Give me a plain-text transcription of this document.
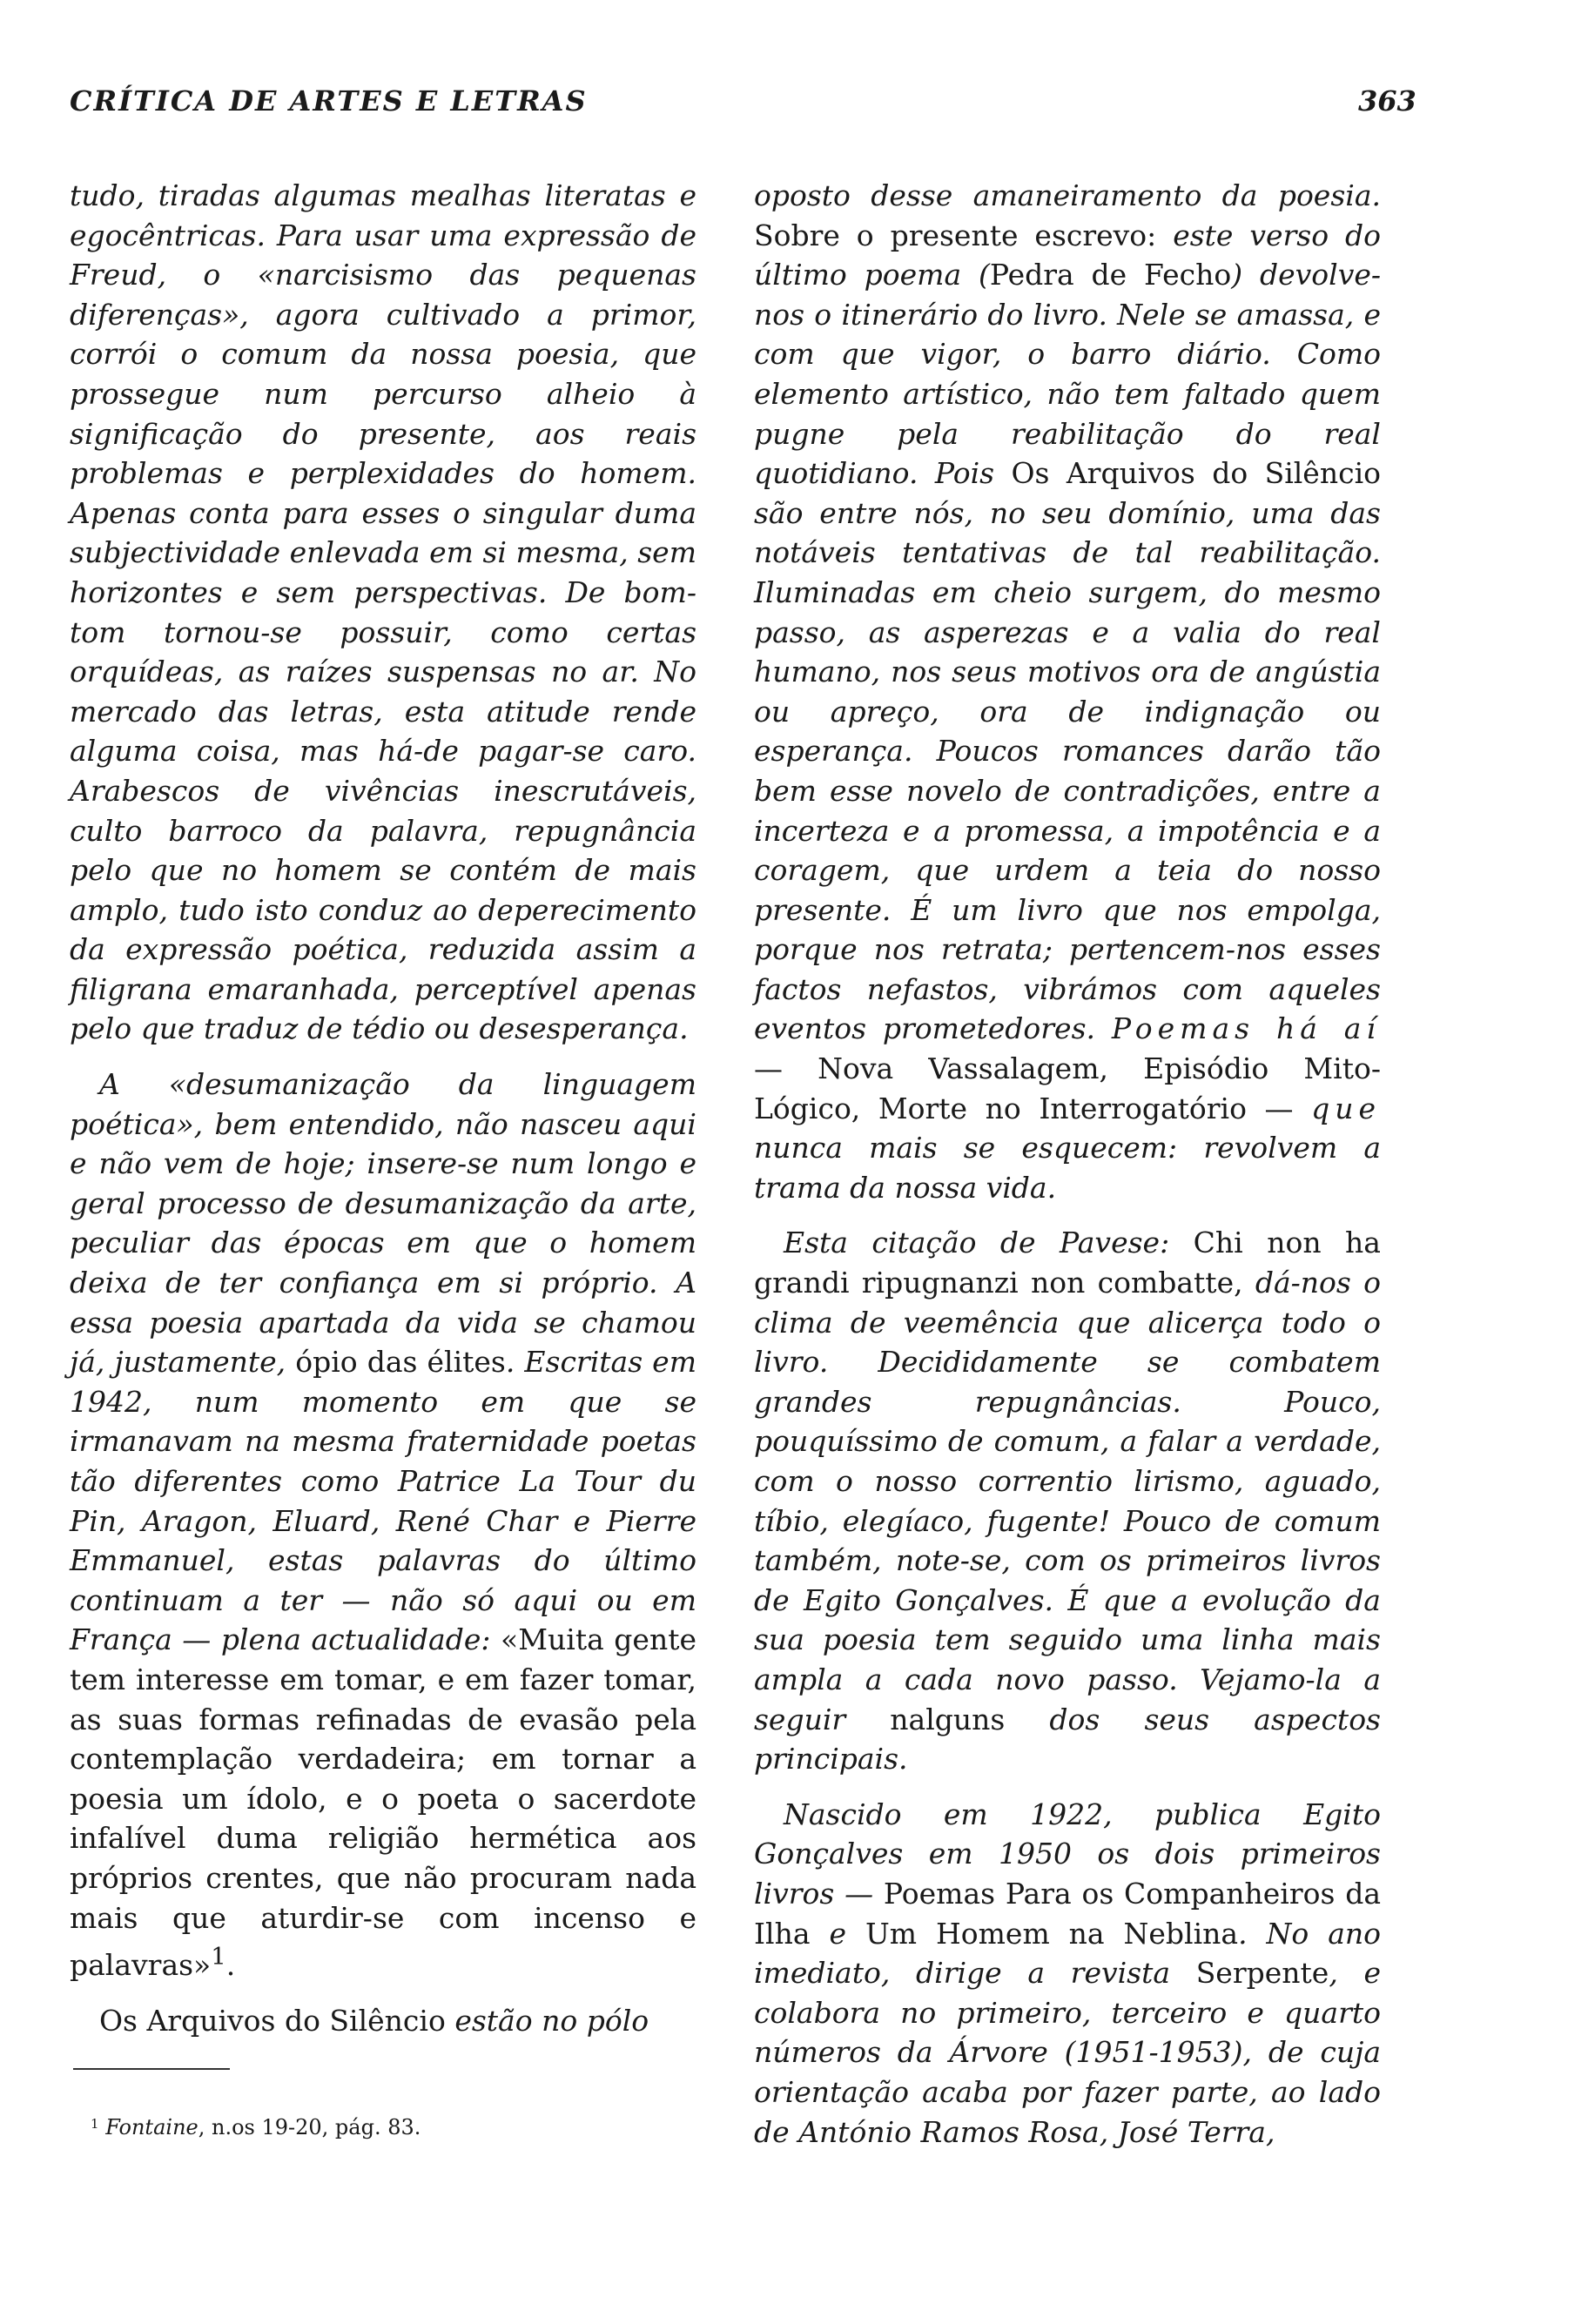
CRÍTICA DE ARTES E LETRAS	363

tudo, tiradas algumas mealhas literatas e egocêntricas. Para usar uma expressão de Freud, o «narcisismo das pequenas diferenças», agora cultivado a primor, corrói o comum da nossa poesia, que prossegue num percurso alheio à significação do presente, aos reais problemas e perplexidades do homem. Apenas conta para esses o singular duma subjectividade enlevada em si mesma, sem horizontes e sem perspectivas. De bom-tom tornou-se possuir, como certas orquídeas, as raízes suspensas no ar. No mercado das letras, esta atitude rende alguma coisa, mas há-de pagar-se caro. Arabescos de vivências inescrutáveis, culto barroco da palavra, repugnância pelo que no homem se contém de mais amplo, tudo isto conduz ao deperecimento da expressão poética, reduzida assim a filigrana emaranhada, perceptível apenas pelo que traduz de tédio ou desesperança.

A «desumanização da linguagem poética», bem entendido, não nasceu aqui e não vem de hoje; insere-se num longo e geral processo de desumanização da arte, peculiar das épocas em que o homem deixa de ter confiança em si próprio. A essa poesia apartada da vida se chamou já, justamente, ópio das élites. Escritas em 1942, num momento em que se irmanavam na mesma fraternidade poetas tão diferentes como Patrice La Tour du Pin, Aragon, Eluard, René Char e Pierre Emmanuel, estas palavras do último continuam a ter — não só aqui ou em França — plena actualidade: «Muita gente tem interesse em tomar, e em fazer tomar, as suas formas refinadas de evasão pela contemplação verdadeira; em tornar a poesia um ídolo, e o poeta o sacerdote infalível duma religião hermética aos próprios crentes, que não procuram nada mais que aturdir-se com incenso e palavras»$^1$.

Os Arquivos do Silêncio estão no pólo

oposto desse amaneiramento da poesia. Sobre o presente escrevo: este verso do último poema (Pedra de Fecho) devolve-nos o itinerário do livro. Nele se amassa, e com que vigor, o barro diário. Como elemento artístico, não tem faltado quem pugne pela reabilitação do real quotidiano. Pois Os Arquivos do Silêncio são entre nós, no seu domínio, uma das notáveis tentativas de tal reabilitação. Iluminadas em cheio surgem, do mesmo passo, as asperezas e a valia do real humano, nos seus motivos ora de angústia ou apreço, ora de indignação ou esperança. Poucos romances darão tão bem esse novelo de contradições, entre a incerteza e a promessa, a impotência e a coragem, que urdem a teia do nosso presente. É um livro que nos empolga, porque nos retrata; pertencem-nos esses factos nefastos, vibrámos com aqueles eventos prometedores. Poemas há aí — Nova Vassalagem, Episódio Mito-Lógico, Morte no Interrogatório — que nunca mais se esquecem: revolvem a trama da nossa vida.

Esta citação de Pavese: Chi non ha grandi ripugnanzi non combatte, dá-nos o clima de veemência que alicerça todo o livro. Decididamente se combatem grandes repugnâncias. Pouco, pouquíssimo de comum, a falar a verdade, com o nosso correntio lirismo, aguado, tíbio, elegíaco, fugente! Pouco de comum também, note-se, com os primeiros livros de Egito Gonçalves. É que a evolução da sua poesia tem seguido uma linha mais ampla a cada novo passo. Vejamo-la a seguir nalguns dos seus aspectos principais.

Nascido em 1922, publica Egito Gonçalves em 1950 os dois primeiros livros — Poemas Para os Companheiros da Ilha e Um Homem na Neblina. No ano imediato, dirige a revista Serpente, e colabora no primeiro, terceiro e quarto números da Árvore (1951-1953), de cuja orientação acaba por fazer parte, ao lado de António Ramos Rosa, José Terra,

$^1$ Fontaine, n.os 19-20, pág. 83.
